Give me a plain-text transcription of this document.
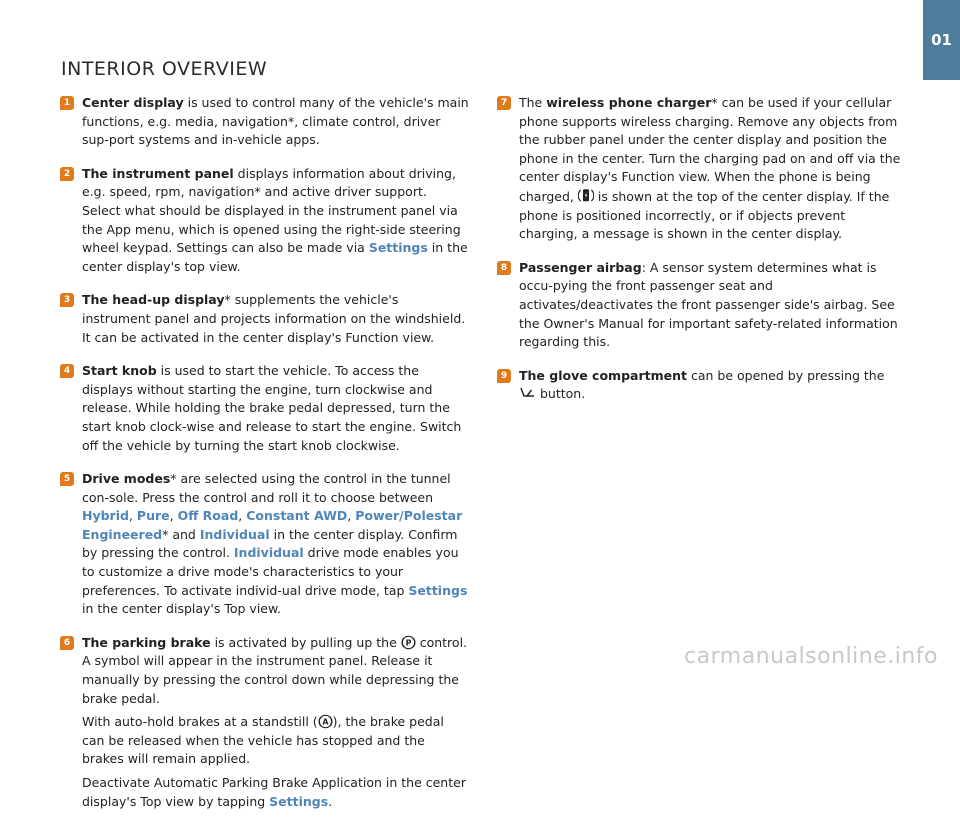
01
INTERIOR OVERVIEW
1 Center display is used to control many of the vehicle's main functions, e.g. media, navigation*, climate control, driver sup-port systems and in-vehicle apps.

2 The instrument panel displays information about driving, e.g. speed, rpm, navigation* and active driver support. Select what should be displayed in the instrument panel via the App menu, which is opened using the right-side steering wheel keypad. Settings can also be made via Settings in the center display's top view.

3 The head-up display* supplements the vehicle's instrument panel and projects information on the windshield. It can be activated in the center display's Function view.

4 Start knob is used to start the vehicle. To access the displays without starting the engine, turn clockwise and release. While holding the brake pedal depressed, turn the start knob clock-wise and release to start the engine. Switch off the vehicle by turning the start knob clockwise.

5 Drive modes* are selected using the control in the tunnel con-sole. Press the control and roll it to choose between Hybrid, Pure, Off Road, Constant AWD, Power/Polestar Engineered* and Individual in the center display. Confirm by pressing the control. Individual drive mode enables you to customize a drive mode's characteristics to your preferences. To activate individ-ual drive mode, tap Settings in the center display's Top view.

6 The parking brake is activated by pulling up the P control. A symbol will appear in the instrument panel. Release it manually by pressing the control down while depressing the brake pedal.

With auto-hold brakes at a standstill ( A ), the brake pedal can be released when the vehicle has stopped and the brakes will remain applied.

Deactivate Automatic Parking Brake Application in the center display's Top view by tapping Settings.

7 The wireless phone charger* can be used if your cellular phone supports wireless charging. Remove any objects from the rubber panel under the center display and position the phone in the center. Turn the charging pad on and off via the center display's Function view. When the phone is being charged,
is shown at the top of the center display. If the phone is positioned incorrectly, or if objects prevent charging, a message is shown in the center display.

8 Passenger airbag: A sensor system determines what is occu-pying the front passenger seat and activates/deactivates the front passenger side's airbag. See the Owner's Manual for important safety-related information regarding this.

9 The glove compartment can be opened by pressing the
button.

carmanualsonline.info
